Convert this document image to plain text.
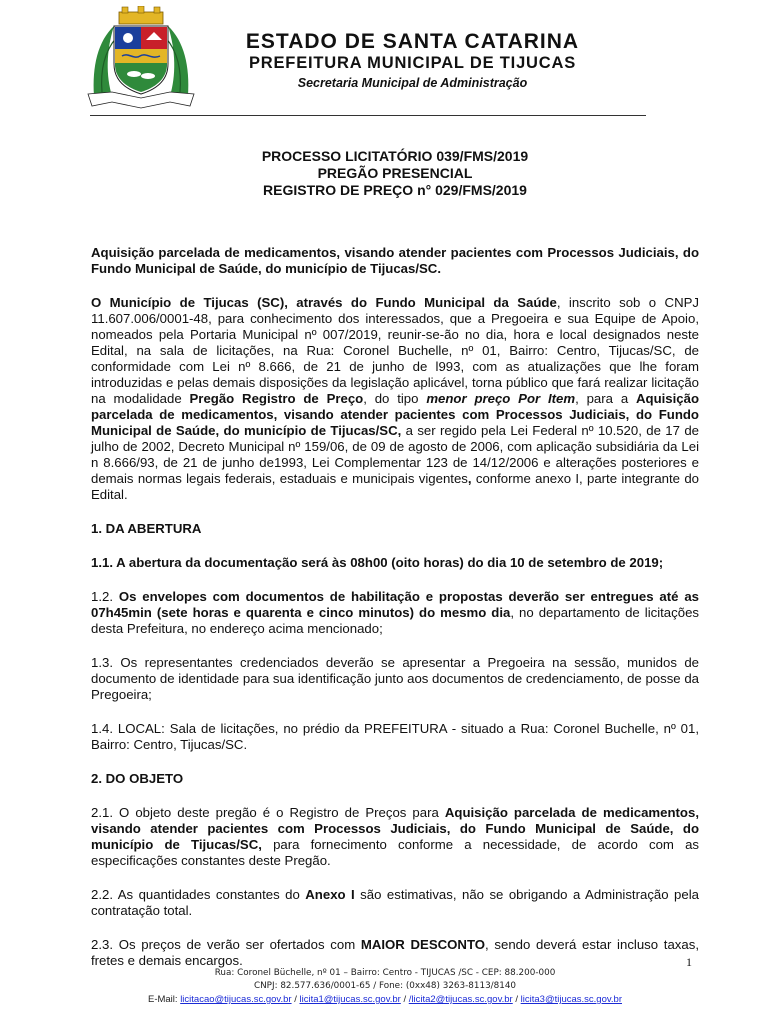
ESTADO DE SANTA CATARINA
PREFEITURA MUNICIPAL DE TIJUCAS
Secretaria Municipal de Administração
PROCESSO LICITATÓRIO 039/FMS/2019
PREGÃO PRESENCIAL
REGISTRO DE PREÇO n° 029/FMS/2019
Aquisição parcelada de medicamentos, visando atender pacientes com Processos Judiciais, do Fundo Municipal de Saúde, do município de Tijucas/SC.
O Município de Tijucas (SC), através do Fundo Municipal da Saúde, inscrito sob o CNPJ 11.607.006/0001-48, para conhecimento dos interessados, que a Pregoeira e sua Equipe de Apoio, nomeados pela Portaria Municipal nº 007/2019, reunir-se-ão no dia, hora e local designados neste Edital, na sala de licitações, na Rua: Coronel Buchelle, nº 01, Bairro: Centro, Tijucas/SC, de conformidade com Lei nº 8.666, de 21 de junho de l993, com as atualizações que lhe foram introduzidas e pelas demais disposições da legislação aplicável, torna público que fará realizar licitação na modalidade Pregão Registro de Preço, do tipo menor preço Por Item, para a Aquisição parcelada de medicamentos, visando atender pacientes com Processos Judiciais, do Fundo Municipal de Saúde, do município de Tijucas/SC, a ser regido pela Lei Federal nº 10.520, de 17 de julho de 2002, Decreto Municipal nº 159/06, de 09 de agosto de 2006, com aplicação subsidiária da Lei n 8.666/93, de 21 de junho de1993, Lei Complementar 123 de 14/12/2006 e alterações posteriores e demais normas legais federais, estaduais e municipais vigentes, conforme anexo I, parte integrante do Edital.
1. DA ABERTURA
1.1. A abertura da documentação será às 08h00 (oito horas) do dia 10 de setembro de 2019;
1.2. Os envelopes com documentos de habilitação e propostas deverão ser entregues até as 07h45min (sete horas e quarenta e cinco minutos) do mesmo dia, no departamento de licitações desta Prefeitura, no endereço acima mencionado;
1.3. Os representantes credenciados deverão se apresentar a Pregoeira na sessão, munidos de documento de identidade para sua identificação junto aos documentos de credenciamento, de posse da Pregoeira;
1.4. LOCAL: Sala de licitações, no prédio da PREFEITURA - situado a Rua: Coronel Buchelle, nº 01, Bairro: Centro, Tijucas/SC.
2. DO OBJETO
2.1. O objeto deste pregão é o Registro de Preços para Aquisição parcelada de medicamentos, visando atender pacientes com Processos Judiciais, do Fundo Municipal de Saúde, do município de Tijucas/SC, para fornecimento conforme a necessidade, de acordo com as especificações constantes deste Pregão.
2.2. As quantidades constantes do Anexo I são estimativas, não se obrigando a Administração pela contratação total.
2.3. Os preços de verão ser ofertados com MAIOR DESCONTO, sendo deverá estar incluso taxas, fretes e demais encargos.	1
Rua: Coronel Büchelle, nº 01 – Bairro: Centro - TIJUCAS /SC - CEP: 88.200-000
CNPJ: 82.577.636/0001-65 / Fone: (0xx48) 3263-8113/8140
E-Mail: licitacao@tijucas.sc.gov.br / licita1@tijucas.sc.gov.br / /licita2@tijucas.sc.gov.br / licita3@tijucas.sc.gov.br
